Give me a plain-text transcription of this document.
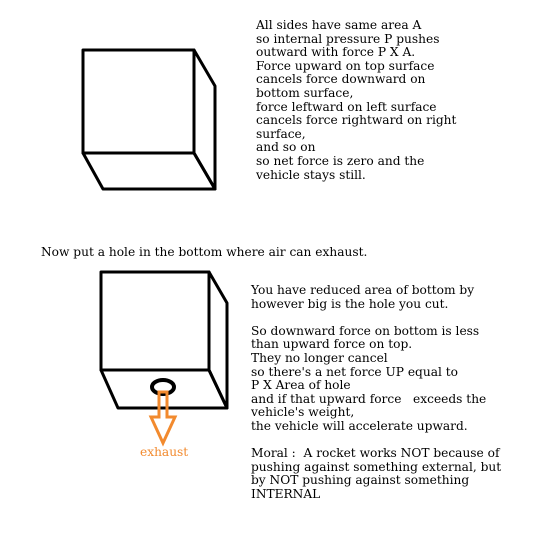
All sides have same area A
so internal pressure P pushes
outward with force P X A.
Force upward on top surface
cancels force downward on
bottom surface,
force leftward on left surface
cancels force rightward on right
surface,
and so on
so net force is zero and the
vehicle stays still.
Now put a hole in the bottom where air can exhaust.
You have reduced area of bottom by
however big is the hole you cut.
So downward force on bottom is less
than upward force on top.
They no longer cancel
so there's a net force UP equal to
P X Area of hole
and if that upward force   exceeds the
vehicle's weight,
the vehicle will accelerate upward.
Moral :  A rocket works NOT because of
pushing against something external, but
by NOT pushing against something
INTERNAL
exhaust
